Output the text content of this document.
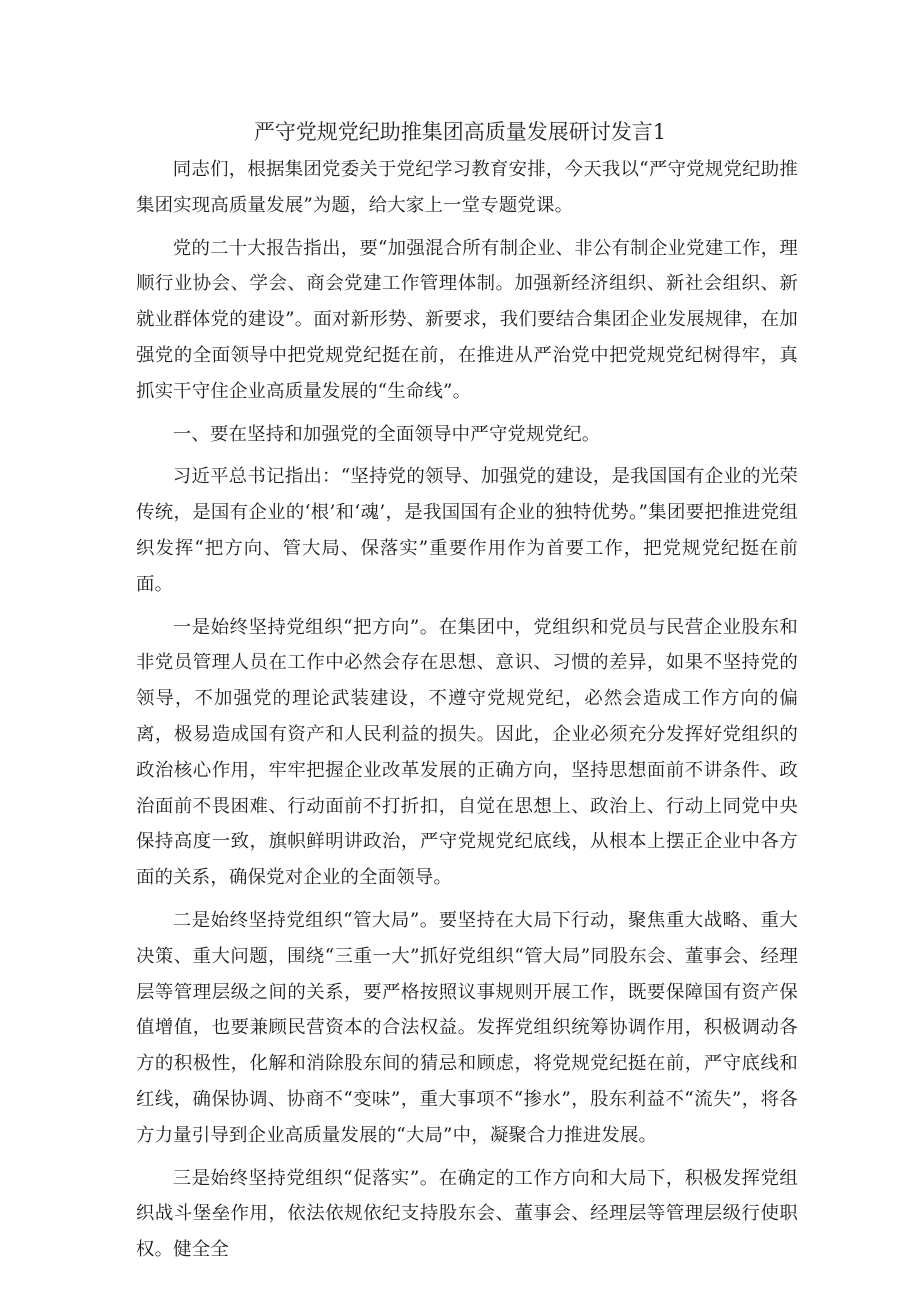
严守党规党纪助推集团高质量发展研讨发言1

同志们，根据集团党委关于党纪学习教育安排，今天我以“严守党规党纪助推集团实现高质量发展”为题，给大家上一堂专题党课。

党的二十大报告指出，要“加强混合所有制企业、非公有制企业党建工作，理顺行业协会、学会、商会党建工作管理体制。加强新经济组织、新社会组织、新就业群体党的建设”。面对新形势、新要求，我们要结合集团企业发展规律，在加强党的全面领导中把党规党纪挺在前，在推进从严治党中把党规党纪树得牢，真抓实干守住企业高质量发展的“生命线”。

一、要在坚持和加强党的全面领导中严守党规党纪。

习近平总书记指出：“坚持党的领导、加强党的建设，是我国国有企业的光荣传统，是国有企业的‘根’和‘魂’，是我国国有企业的独特优势。”集团要把推进党组织发挥“把方向、管大局、保落实”重要作用作为首要工作，把党规党纪挺在前面。

一是始终坚持党组织“把方向”。在集团中，党组织和党员与民营企业股东和非党员管理人员在工作中必然会存在思想、意识、习惯的差异，如果不坚持党的领导，不加强党的理论武装建设，不遵守党规党纪，必然会造成工作方向的偏离，极易造成国有资产和人民利益的损失。因此，企业必须充分发挥好党组织的政治核心作用，牢牢把握企业改革发展的正确方向，坚持思想面前不讲条件、政治面前不畏困难、行动面前不打折扣，自觉在思想上、政治上、行动上同党中央保持高度一致，旗帜鲜明讲政治，严守党规党纪底线，从根本上摆正企业中各方面的关系，确保党对企业的全面领导。

二是始终坚持党组织“管大局”。要坚持在大局下行动，聚焦重大战略、重大决策、重大问题，围绕“三重一大”抓好党组织“管大局”同股东会、董事会、经理层等管理层级之间的关系，要严格按照议事规则开展工作，既要保障国有资产保值增值，也要兼顾民营资本的合法权益。发挥党组织统筹协调作用，积极调动各方的积极性，化解和消除股东间的猜忌和顾虑，将党规党纪挺在前，严守底线和红线，确保协调、协商不“变味”，重大事项不“掺水”，股东利益不“流失”，将各方力量引导到企业高质量发展的“大局”中，凝聚合力推进发展。

三是始终坚持党组织“促落实”。在确定的工作方向和大局下，积极发挥党组织战斗堡垒作用，依法依规依纪支持股东会、董事会、经理层等管理层级行使职权。健全全
